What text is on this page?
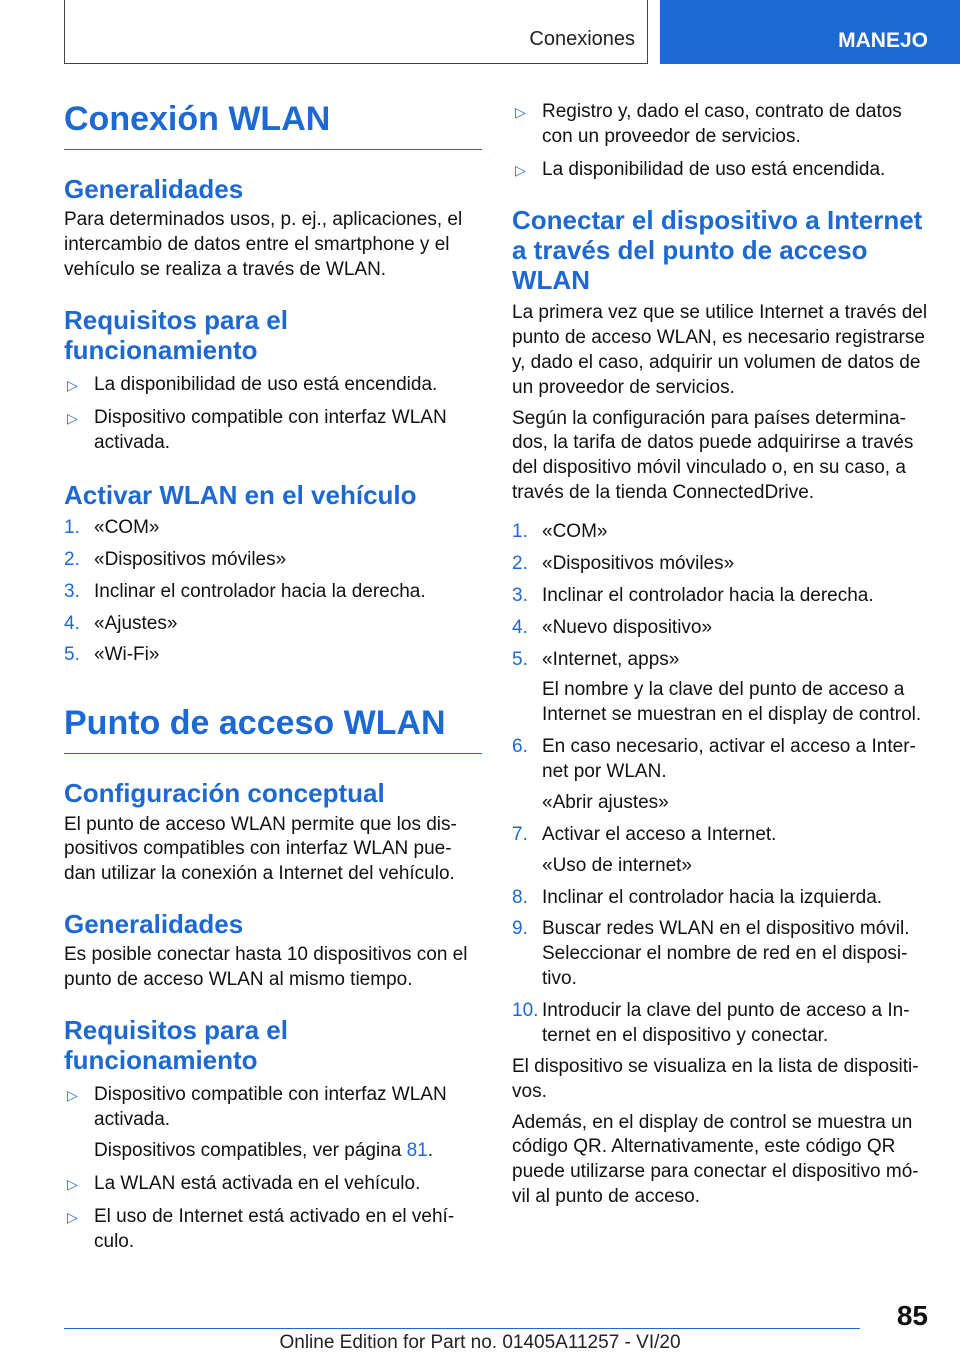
Conexiones	MANEJO
Conexión WLAN
Generalidades

Para determinados usos, p. ej., aplicaciones, el intercambio de datos entre el smartphone y el vehículo se realiza a través de WLAN.

Requisitos para el funcionamiento
▷ La disponibilidad de uso está encendida.
▷ Dispositivo compatible con interfaz WLAN activada.
Activar WLAN en el vehículo
1. «COM»
2. «Dispositivos móviles»
3. Inclinar el controlador hacia la derecha.
4. «Ajustes»
5. «Wi-Fi»
Punto de acceso WLAN
Configuración conceptual

El punto de acceso WLAN permite que los dis-positivos compatibles con interfaz WLAN pue-dan utilizar la conexión a Internet del vehículo.

Generalidades

Es posible conectar hasta 10 dispositivos con el punto de acceso WLAN al mismo tiempo.

Requisitos para el funcionamiento
▷ Dispositivo compatible con interfaz WLAN activada.
Dispositivos compatibles, ver página 81.
▷ La WLAN está activada en el vehículo.
▷ El uso de Internet está activado en el vehí-culo.
▷ Registro y, dado el caso, contrato de datos con un proveedor de servicios.
▷ La disponibilidad de uso está encendida.
Conectar el dispositivo a Internet a través del punto de acceso WLAN

La primera vez que se utilice Internet a través del punto de acceso WLAN, es necesario registrarse y, dado el caso, adquirir un volumen de datos de un proveedor de servicios.

Según la configuración para países determina-dos, la tarifa de datos puede adquirirse a través del dispositivo móvil vinculado o, en su caso, a través de la tienda ConnectedDrive.

1. «COM»
2. «Dispositivos móviles»
3. Inclinar el controlador hacia la derecha.
4. «Nuevo dispositivo»
5. «Internet, apps»
El nombre y la clave del punto de acceso a Internet se muestran en el display de control.
6. En caso necesario, activar el acceso a Inter-net por WLAN.
«Abrir ajustes»
7. Activar el acceso a Internet.
«Uso de internet»
8. Inclinar el controlador hacia la izquierda.
9. Buscar redes WLAN en el dispositivo móvil. Seleccionar el nombre de red en el disposi-tivo.
10. Introducir la clave del punto de acceso a In-ternet en el dispositivo y conectar.

El dispositivo se visualiza en la lista de dispositi-vos.

Además, en el display de control se muestra un código QR. Alternativamente, este código QR puede utilizarse para conectar el dispositivo mó-vil al punto de acceso.

85
Online Edition for Part no. 01405A11257 - VI/20
